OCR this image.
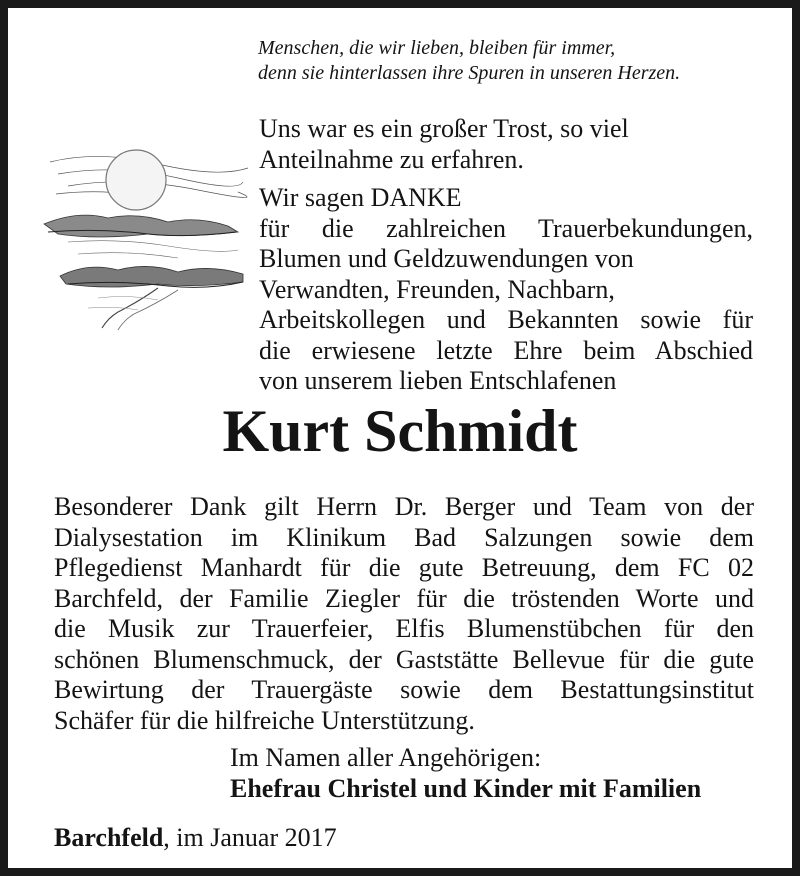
Menschen, die wir lieben, bleiben für immer,
denn sie hinterlassen ihre Spuren in unseren Herzen.
Uns war es ein großer Trost, so viel
Anteilnahme zu erfahren.
Wir sagen DANKE
für die zahlreichen Trauerbekundungen,
Blumen und Geldzuwendungen von
Verwandten, Freunden, Nachbarn,
Arbeitskollegen und Bekannten sowie für
die erwiesene letzte Ehre beim Abschied
von unserem lieben Entschlafenen
Kurt Schmidt
Besonderer Dank gilt Herrn Dr. Berger und Team von der
Dialysestation im Klinikum Bad Salzungen sowie dem
Pflegedienst Manhardt für die gute Betreuung, dem FC 02
Barchfeld, der Familie Ziegler für die tröstenden Worte und
die Musik zur Trauerfeier, Elfis Blumenstübchen für den
schönen Blumenschmuck, der Gaststätte Bellevue für die gute
Bewirtung der Trauergäste sowie dem Bestattungsinstitut
Schäfer für die hilfreiche Unterstützung.
Im Namen aller Angehörigen:
Ehefrau Christel und Kinder mit Familien
Barchfeld, im Januar 2017
